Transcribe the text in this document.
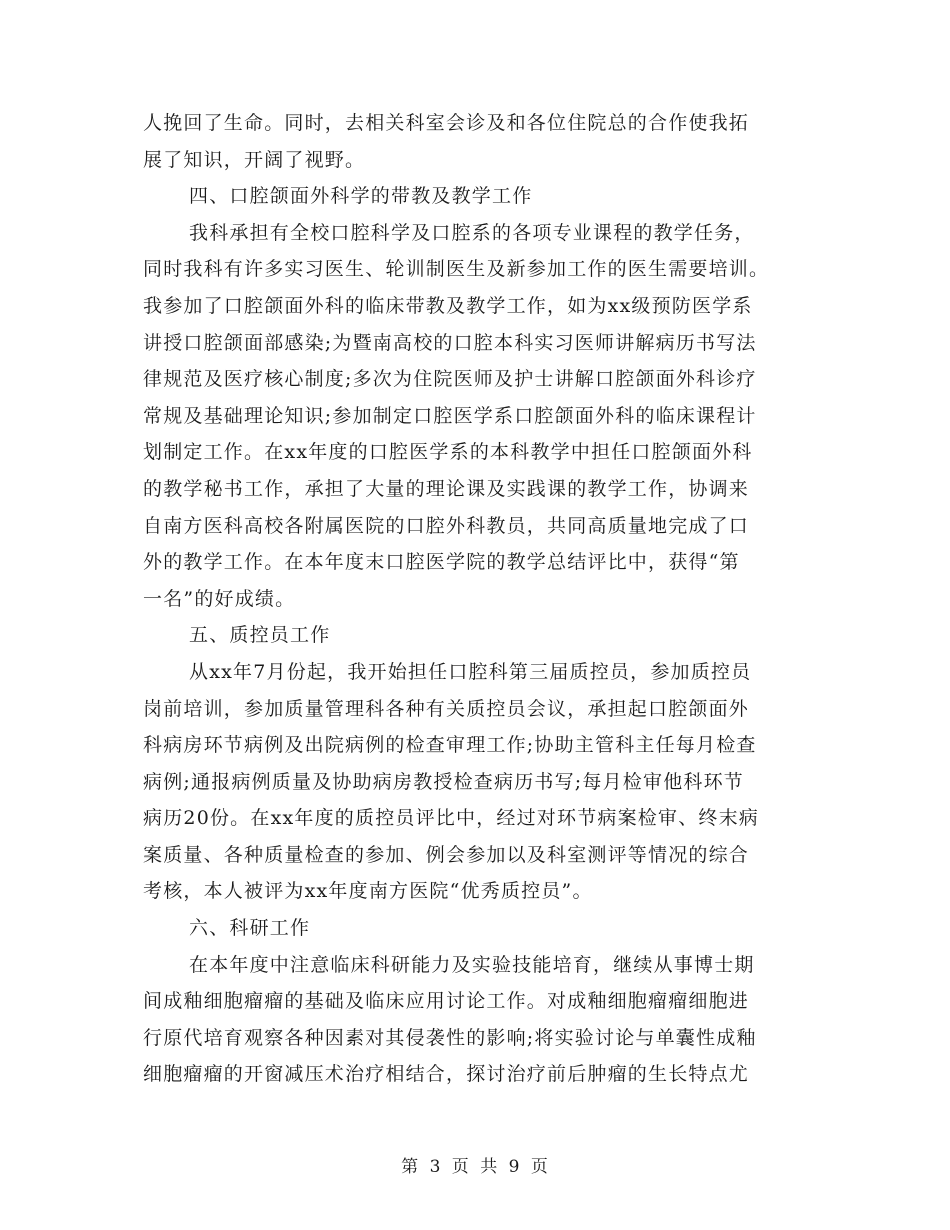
人挽回了生命。同时，去相关科室会诊及和各位住院总的合作使我拓
展了知识，开阔了视野。
四、口腔颌面外科学的带教及教学工作
我科承担有全校口腔科学及口腔系的各项专业课程的教学任务，
同时我科有许多实习医生、轮训制医生及新参加工作的医生需要培训。
我参加了口腔颌面外科的临床带教及教学工作，如为xx级预防医学系
讲授口腔颌面部感染;为暨南高校的口腔本科实习医师讲解病历书写法
律规范及医疗核心制度;多次为住院医师及护士讲解口腔颌面外科诊疗
常规及基础理论知识;参加制定口腔医学系口腔颌面外科的临床课程计
划制定工作。在xx年度的口腔医学系的本科教学中担任口腔颌面外科
的教学秘书工作，承担了大量的理论课及实践课的教学工作，协调来
自南方医科高校各附属医院的口腔外科教员，共同高质量地完成了口
外的教学工作。在本年度末口腔医学院的教学总结评比中，获得“第
一名”的好成绩。
五、质控员工作
从xx年7月份起，我开始担任口腔科第三届质控员，参加质控员
岗前培训，参加质量管理科各种有关质控员会议，承担起口腔颌面外
科病房环节病例及出院病例的检查审理工作;协助主管科主任每月检查
病例;通报病例质量及协助病房教授检查病历书写;每月检审他科环节
病历20份。在xx年度的质控员评比中，经过对环节病案检审、终末病
案质量、各种质量检查的参加、例会参加以及科室测评等情况的综合
考核，本人被评为xx年度南方医院“优秀质控员”。
六、科研工作
在本年度中注意临床科研能力及实验技能培育，继续从事博士期
间成釉细胞瘤瘤的基础及临床应用讨论工作。对成釉细胞瘤瘤细胞进
行原代培育观察各种因素对其侵袭性的影响;将实验讨论与单囊性成釉
细胞瘤瘤的开窗减压术治疗相结合，探讨治疗前后肿瘤的生长特点尤
第 3 页 共 9 页
